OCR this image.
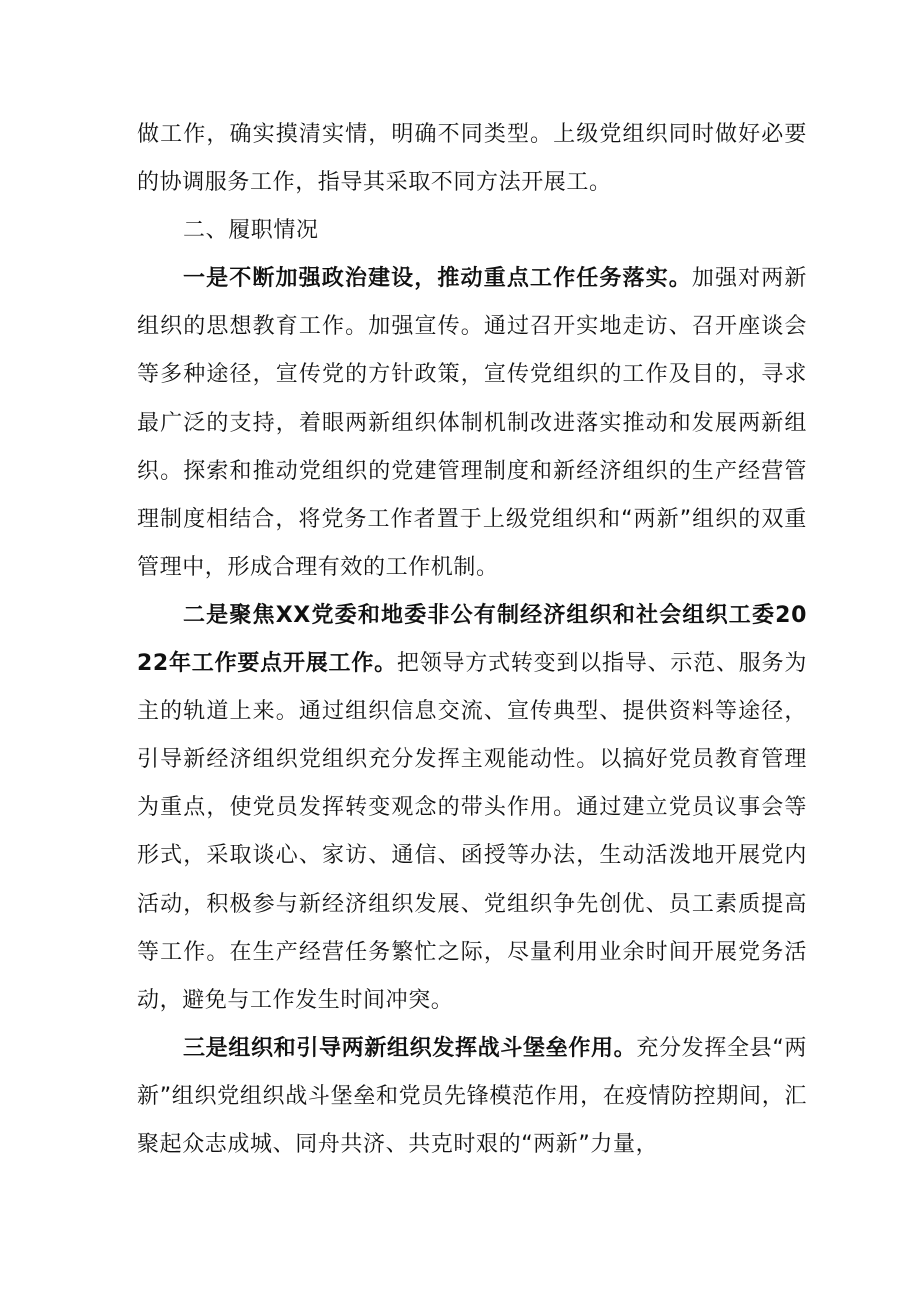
做工作，确实摸清实情，明确不同类型。上级党组织同时做好必要的协调服务工作，指导其采取不同方法开展工。

二、履职情况

一是不断加强政治建设，推动重点工作任务落实。加强对两新组织的思想教育工作。加强宣传。通过召开实地走访、召开座谈会等多种途径，宣传党的方针政策，宣传党组织的工作及目的，寻求最广泛的支持，着眼两新组织体制机制改进落实推动和发展两新组织。探索和推动党组织的党建管理制度和新经济组织的生产经营管理制度相结合，将党务工作者置于上级党组织和“两新”组织的双重管理中，形成合理有效的工作机制。

二是聚焦XX党委和地委非公有制经济组织和社会组织工委2022年工作要点开展工作。把领导方式转变到以指导、示范、服务为主的轨道上来。通过组织信息交流、宣传典型、提供资料等途径，引导新经济组织党组织充分发挥主观能动性。以搞好党员教育管理为重点，使党员发挥转变观念的带头作用。通过建立党员议事会等形式，采取谈心、家访、通信、函授等办法，生动活泼地开展党内活动，积极参与新经济组织发展、党组织争先创优、员工素质提高等工作。在生产经营任务繁忙之际，尽量利用业余时间开展党务活动，避免与工作发生时间冲突。

三是组织和引导两新组织发挥战斗堡垒作用。充分发挥全县“两新”组织党组织战斗堡垒和党员先锋模范作用，在疫情防控期间，汇聚起众志成城、同舟共济、共克时艰的“两新”力量，
